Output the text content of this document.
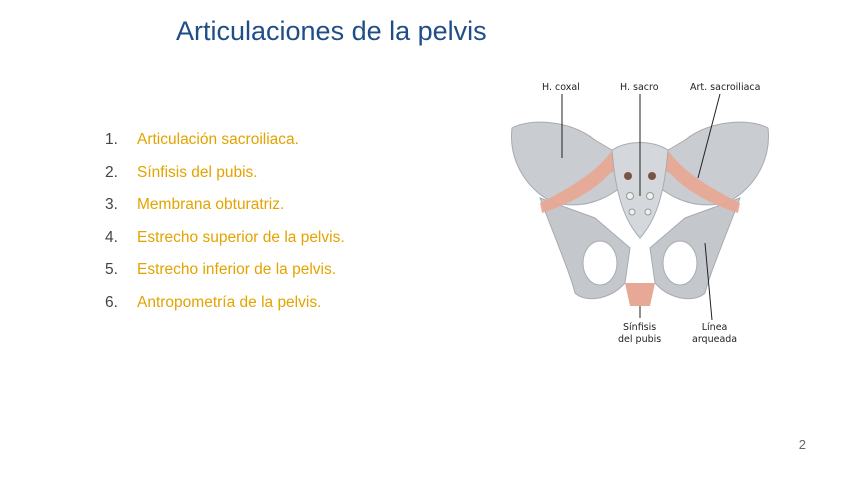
Articulaciones de la pelvis
1.	Articulación sacroiliaca.
2.	Sínfisis del pubis.
3.	Membrana obturatriz.
4.	Estrecho superior de la pelvis.
5.	Estrecho inferior de la pelvis.
6.	Antropometría de la pelvis.
H. coxal	H. sacro	Art. sacroiliaca
Sínfisis
del pubis
Línea
arqueada
2
